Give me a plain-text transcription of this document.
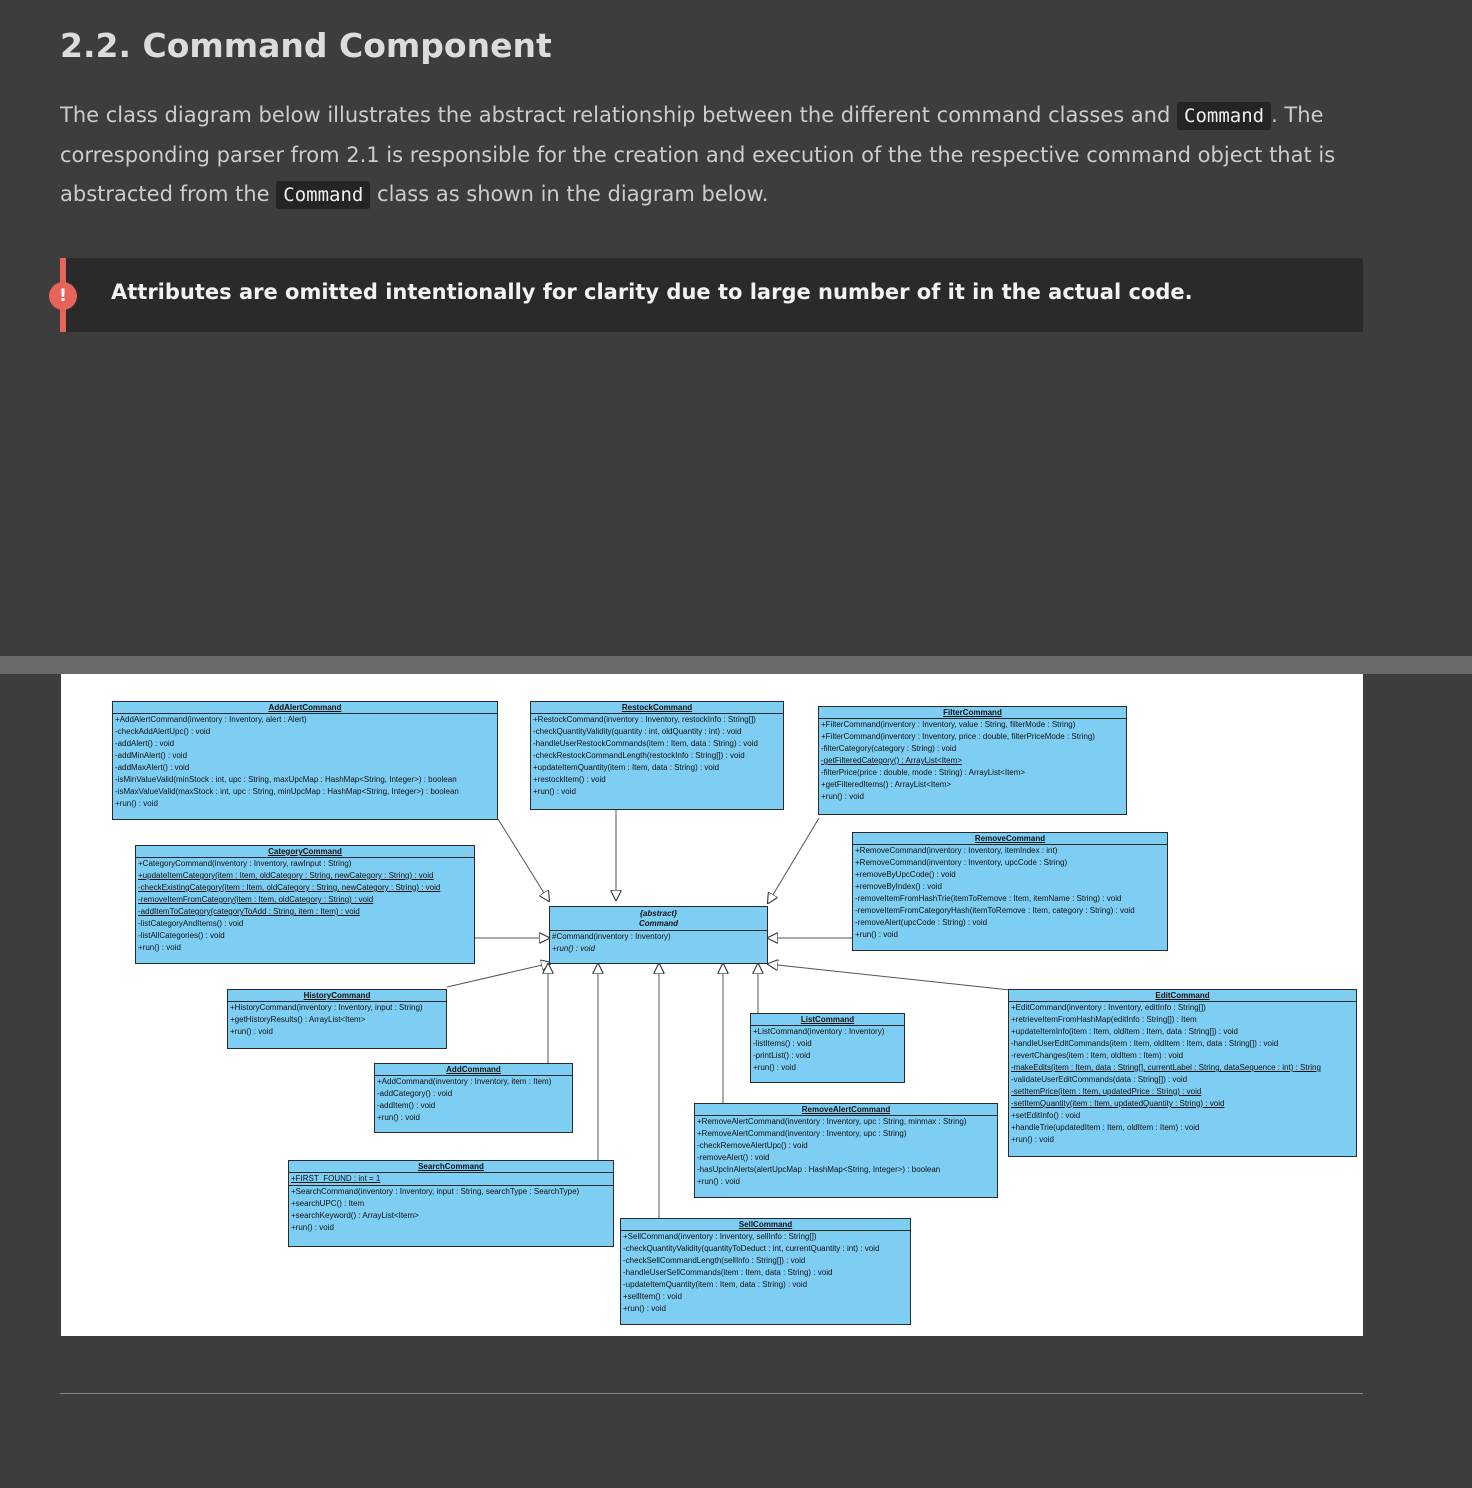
2.2. Command Component
The class diagram below illustrates the abstract relationship between the different command classes and Command . The corresponding parser from 2.1 is responsible for the creation and execution of the the respective command object that is abstracted from the Command class as shown in the diagram below.
!	Attributes are omitted intentionally for clarity due to large number of it in the actual code.
AddAlertCommand
+AddAlertCommand(inventory : Inventory, alert : Alert)
-checkAddAlertUpc() : void
-addAlert() : void
-addMinAlert() : void
-addMaxAlert() : void
-isMinValueValid(minStock : int, upc : String, maxUpcMap : HashMap<String, Integer>) : boolean
-isMaxValueValid(maxStock : int, upc : String, minUpcMap : HashMap<String, Integer>) : boolean
+run() : void
RestockCommand
+RestockCommand(inventory : Inventory, restockInfo : String[])
-checkQuantityValidity(quantity : int, oldQuantity : int) : void
-handleUserRestockCommands(item : Item, data : String) : void
-checkRestockCommandLength(restockInfo : String[]) : void
+updateItemQuantity(item : Item, data : String) : void
+restockItem() : void
+run() : void
FilterCommand
+FilterCommand(inventory : Inventory, value : String, filterMode : String)
+FilterCommand(inventory : Inventory, price : double, filterPriceMode : String)
-filterCategory(category : String) : void
-getFilteredCategory() : ArrayList<Item>
-filterPrice(price : double, mode : String) : ArrayList<Item>
+getFilteredItems() : ArrayList<Item>
+run() : void
CategoryCommand
+CategoryCommand(inventory : Inventory, rawInput : String)
+updateItemCategory(item : Item, oldCategory : String, newCategory : String) : void
-checkExistingCategory(item : Item, oldCategory : String, newCategory : String) : void
-removeItemFromCategory(item : Item, oldCategory : String) : void
-addItemToCategory(categoryToAdd : String, item : Item) : void
-listCategoryAndItems() : void
-listAllCategories() : void
+run() : void
RemoveCommand
+RemoveCommand(inventory : Inventory, itemIndex : int)
+RemoveCommand(inventory : Inventory, upcCode : String)
+removeByUpcCode() : void
+removeByIndex() : void
-removeItemFromHashTrie(itemToRemove : Item, itemName : String) : void
-removeItemFromCategoryHash(itemToRemove : Item, category : String) : void
-removeAlert(upcCode : String) : void
+run() : void
{abstract}
Command
#Command(inventory : Inventory)
+run() : void
HistoryCommand
+HistoryCommand(inventory : Inventory, input : String)
+getHistoryResults() : ArrayList<Item>
+run() : void
ListCommand
+ListCommand(inventory : Inventory)
-listItems() : void
-printList() : void
+run() : void
EditCommand
+EditCommand(inventory : Inventory, editInfo : String[])
+retrieveItemFromHashMap(editInfo : String[]) : Item
+updateItemInfo(item : Item, oldItem : Item, data : String[]) : void
-handleUserEditCommands(item : Item, oldItem : Item, data : String[]) : void
-revertChanges(item : Item, oldItem : Item) : void
-makeEdits(item : Item, data : String[], currentLabel : String, dataSequence : int) : String
-validateUserEditCommands(data : String[]) : void
-setItemPrice(item : Item, updatedPrice : String) : void
-setItemQuantity(item : Item, updatedQuantity : String) : void
+setEditInfo() : void
+handleTrie(updatedItem : Item, oldItem : Item) : void
+run() : void
AddCommand
+AddCommand(inventory : Inventory, item : Item)
-addCategory() : void
-addItem() : void
+run() : void
RemoveAlertCommand
+RemoveAlertCommand(inventory : Inventory, upc : String, minmax : String)
+RemoveAlertCommand(inventory : Inventory, upc : String)
-checkRemoveAlertUpc() : void
-removeAlert() : void
-hasUpcInAlerts(alertUpcMap : HashMap<String, Integer>) : boolean
+run() : void
SearchCommand
+FIRST_FOUND : int = 1
+SearchCommand(inventory : Inventory, input : String, searchType : SearchType)
+searchUPC() : Item
+searchKeyword() : ArrayList<Item>
+run() : void	SellCommand
+SellCommand(inventory : Inventory, sellInfo : String[])
-checkQuantityValidity(quantityToDeduct : int, currentQuantity : int) : void
-checkSellCommandLength(sellInfo : String[]) : void
-handleUserSellCommands(item : Item, data : String) : void
-updateItemQuantity(item : Item, data : String) : void
+sellItem() : void
+run() : void
